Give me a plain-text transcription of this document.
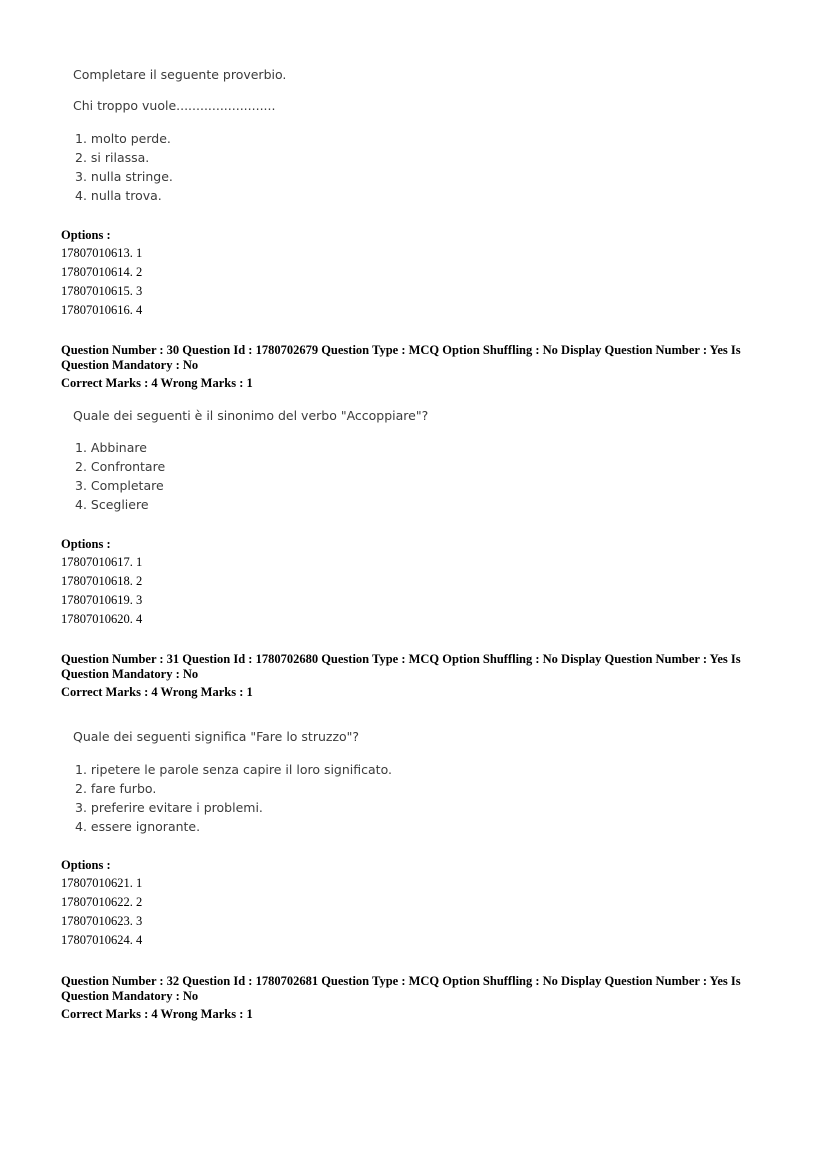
Completare il seguente proverbio.
Chi troppo vuole.........................
1. molto perde.
2. si rilassa.
3. nulla stringe.
4. nulla trova.
Options :
17807010613. 1
17807010614. 2
17807010615. 3
17807010616. 4
Question Number : 30 Question Id : 1780702679 Question Type : MCQ Option Shuffling : No Display Question Number : Yes Is
Question Mandatory : No
Correct Marks : 4 Wrong Marks : 1
Quale dei seguenti è il sinonimo del verbo "Accoppiare"?
1. Abbinare
2. Confrontare
3. Completare
4. Scegliere
Options :
17807010617. 1
17807010618. 2
17807010619. 3
17807010620. 4
Question Number : 31 Question Id : 1780702680 Question Type : MCQ Option Shuffling : No Display Question Number : Yes Is
Question Mandatory : No
Correct Marks : 4 Wrong Marks : 1
Quale dei seguenti significa "Fare lo struzzo"?
1. ripetere le parole senza capire il loro significato.
2. fare furbo.
3. preferire evitare i problemi.
4. essere ignorante.
Options :
17807010621. 1
17807010622. 2
17807010623. 3
17807010624. 4
Question Number : 32 Question Id : 1780702681 Question Type : MCQ Option Shuffling : No Display Question Number : Yes Is
Question Mandatory : No
Correct Marks : 4 Wrong Marks : 1
